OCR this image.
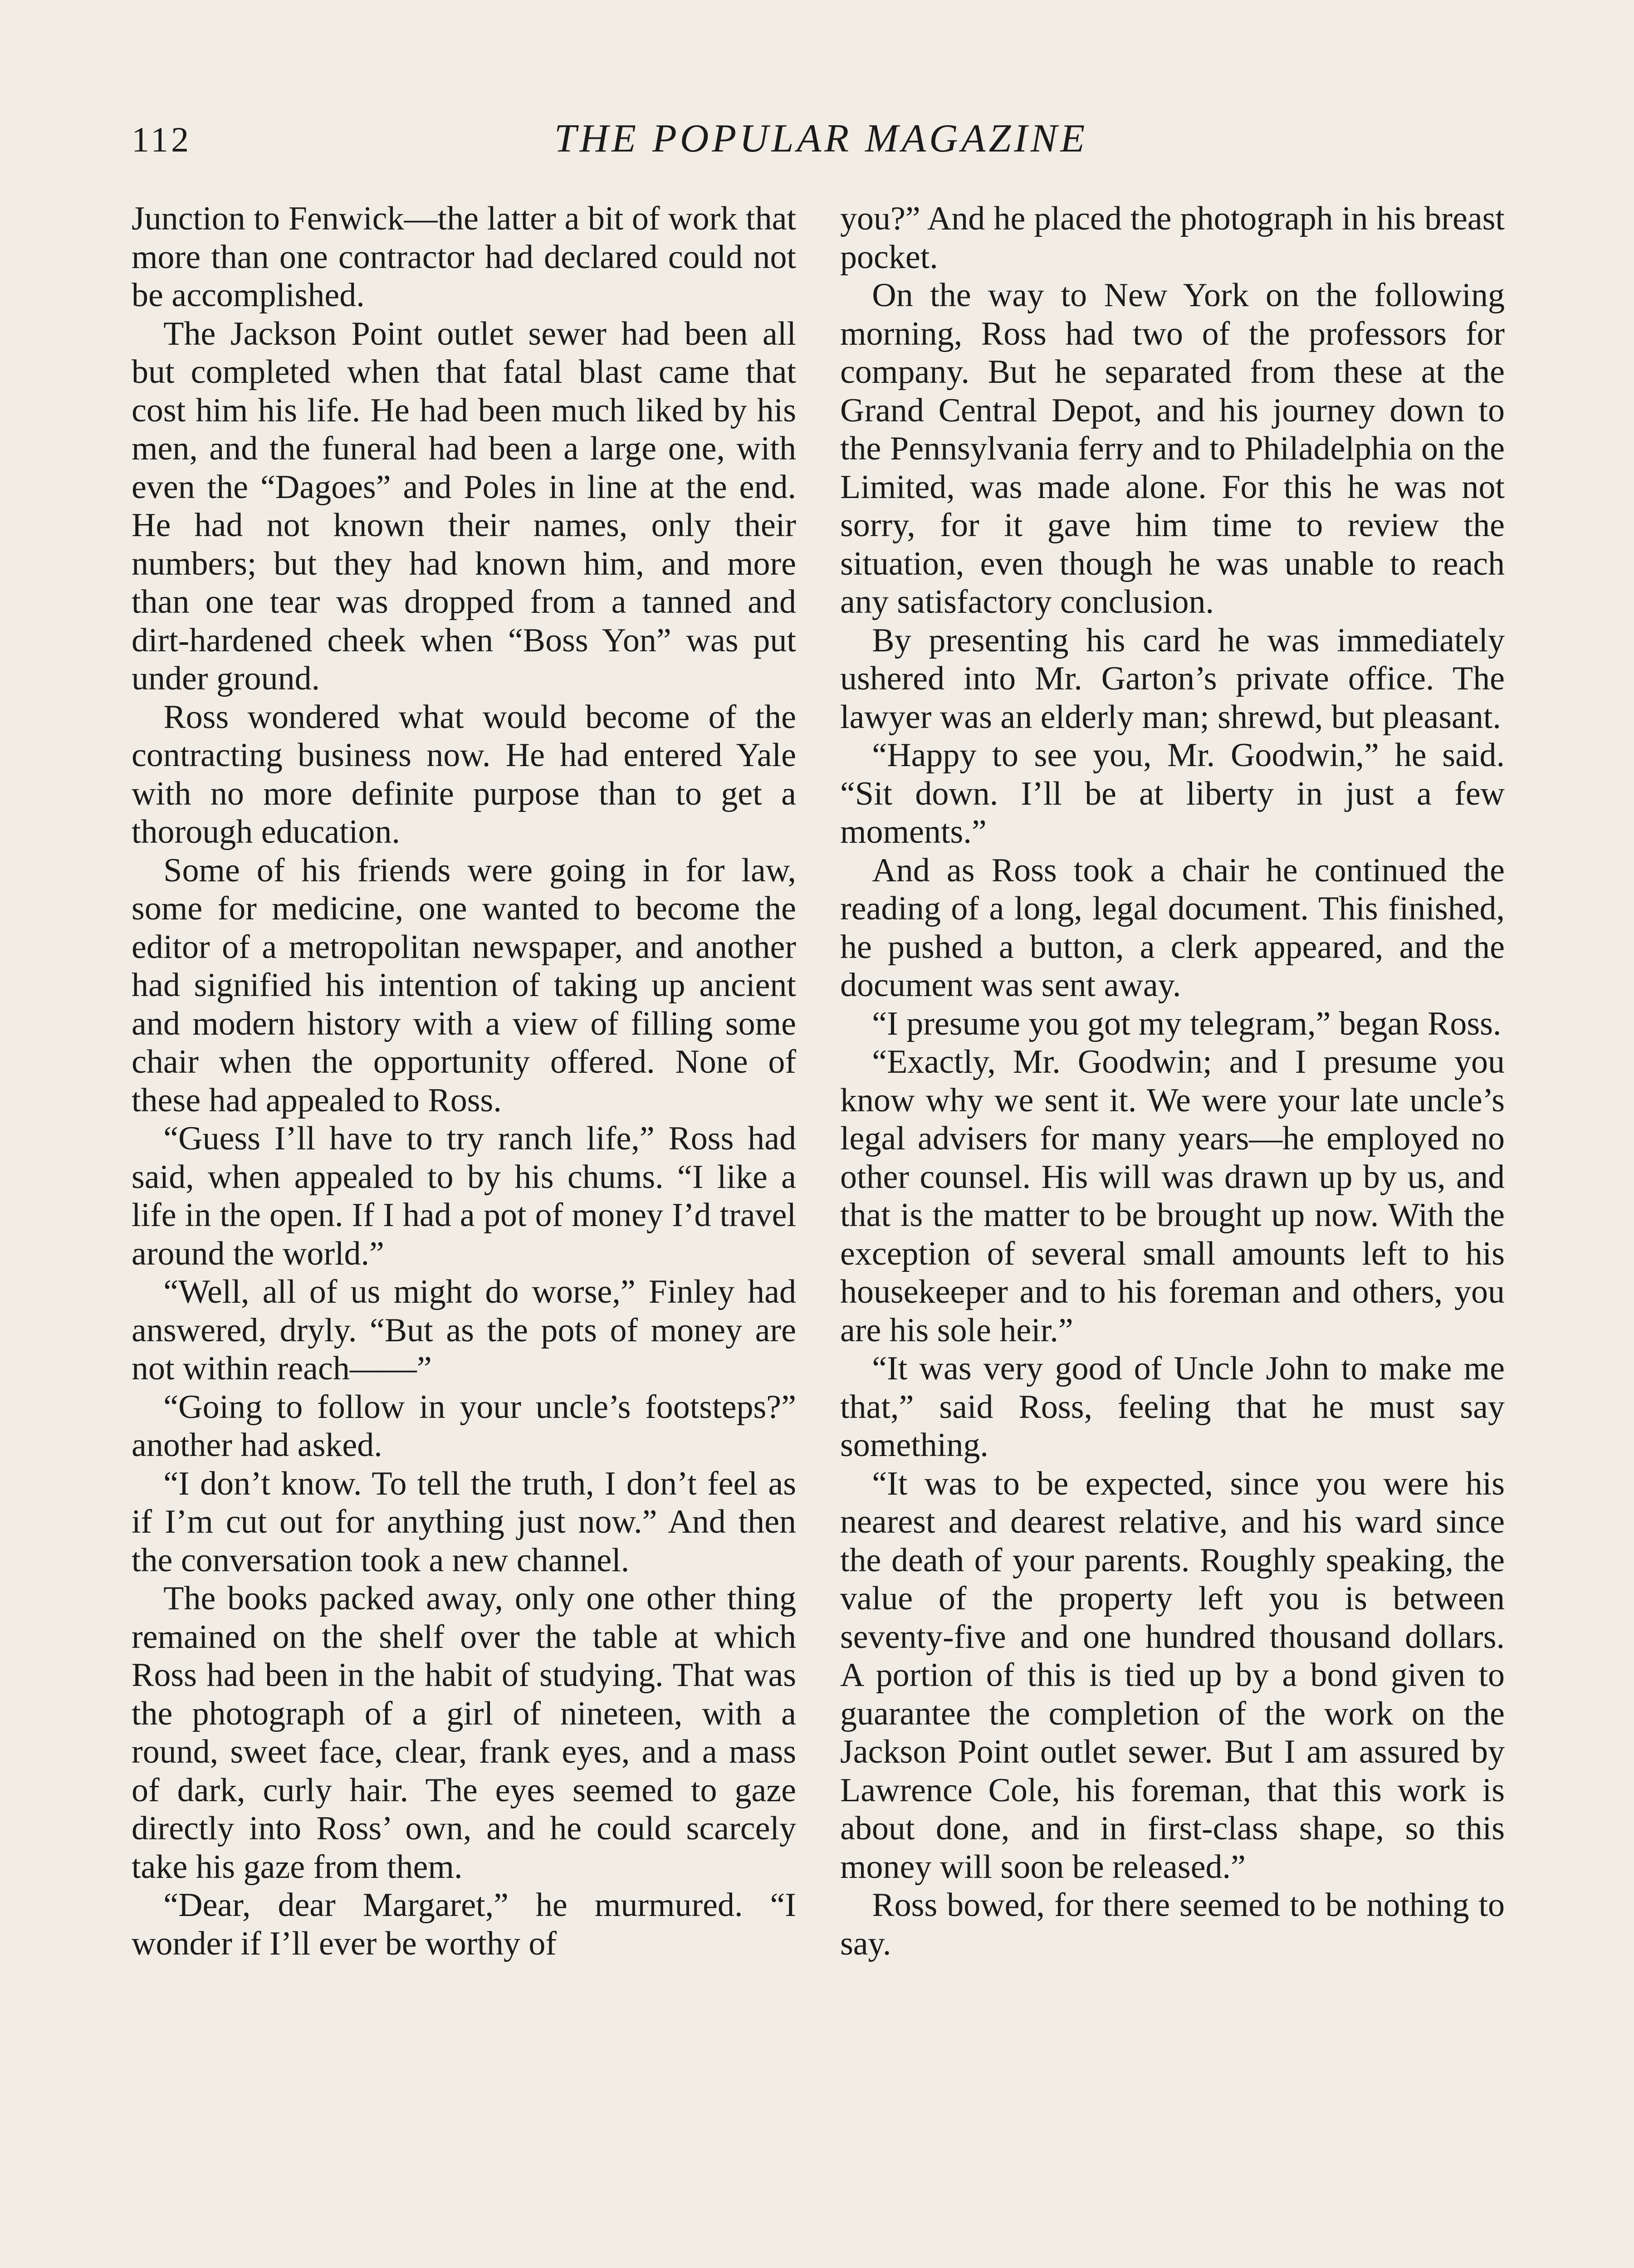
112	THE POPULAR MAGAZINE

Junction to Fenwick—the latter a bit of work that more than one contractor had declared could not be accomplished.

The Jackson Point outlet sewer had been all but completed when that fatal blast came that cost him his life. He had been much liked by his men, and the funeral had been a large one, with even the “Dagoes” and Poles in line at the end. He had not known their names, only their numbers; but they had known him, and more than one tear was dropped from a tanned and dirt-hardened cheek when “Boss Yon” was put under ground.

Ross wondered what would become of the contracting business now. He had entered Yale with no more definite purpose than to get a thorough education.

Some of his friends were going in for law, some for medicine, one wanted to become the editor of a metropolitan newspaper, and another had signified his intention of taking up ancient and modern history with a view of filling some chair when the opportunity offered. None of these had appealed to Ross.

“Guess I’ll have to try ranch life,” Ross had said, when appealed to by his chums. “I like a life in the open. If I had a pot of money I’d travel around the world.”

“Well, all of us might do worse,” Finley had answered, dryly. “But as the pots of money are not within reach——”

“Going to follow in your uncle’s footsteps?” another had asked.

“I don’t know. To tell the truth, I don’t feel as if I’m cut out for anything just now.” And then the conversation took a new channel.

The books packed away, only one other thing remained on the shelf over the table at which Ross had been in the habit of studying. That was the photograph of a girl of nineteen, with a round, sweet face, clear, frank eyes, and a mass of dark, curly hair. The eyes seemed to gaze directly into Ross’ own, and he could scarcely take his gaze from them.

“Dear, dear Margaret,” he murmured. “I wonder if I’ll ever be worthy of

you?” And he placed the photograph in his breast pocket.

On the way to New York on the following morning, Ross had two of the professors for company. But he separated from these at the Grand Central Depot, and his journey down to the Pennsylvania ferry and to Philadelphia on the Limited, was made alone. For this he was not sorry, for it gave him time to review the situation, even though he was unable to reach any satisfactory conclusion.

By presenting his card he was immediately ushered into Mr. Garton’s private office. The lawyer was an elderly man; shrewd, but pleasant.

“Happy to see you, Mr. Goodwin,” he said. “Sit down. I’ll be at liberty in just a few moments.”

And as Ross took a chair he continued the reading of a long, legal document. This finished, he pushed a button, a clerk appeared, and the document was sent away.

“I presume you got my telegram,” began Ross.

“Exactly, Mr. Goodwin; and I presume you know why we sent it. We were your late uncle’s legal advisers for many years—he employed no other counsel. His will was drawn up by us, and that is the matter to be brought up now. With the exception of several small amounts left to his housekeeper and to his foreman and others, you are his sole heir.”

“It was very good of Uncle John to make me that,” said Ross, feeling that he must say something.

“It was to be expected, since you were his nearest and dearest relative, and his ward since the death of your parents. Roughly speaking, the value of the property left you is between seventy-five and one hundred thousand dollars. A portion of this is tied up by a bond given to guarantee the completion of the work on the Jackson Point outlet sewer. But I am assured by Lawrence Cole, his foreman, that this work is about done, and in first-class shape, so this money will soon be released.”

Ross bowed, for there seemed to be nothing to say.
